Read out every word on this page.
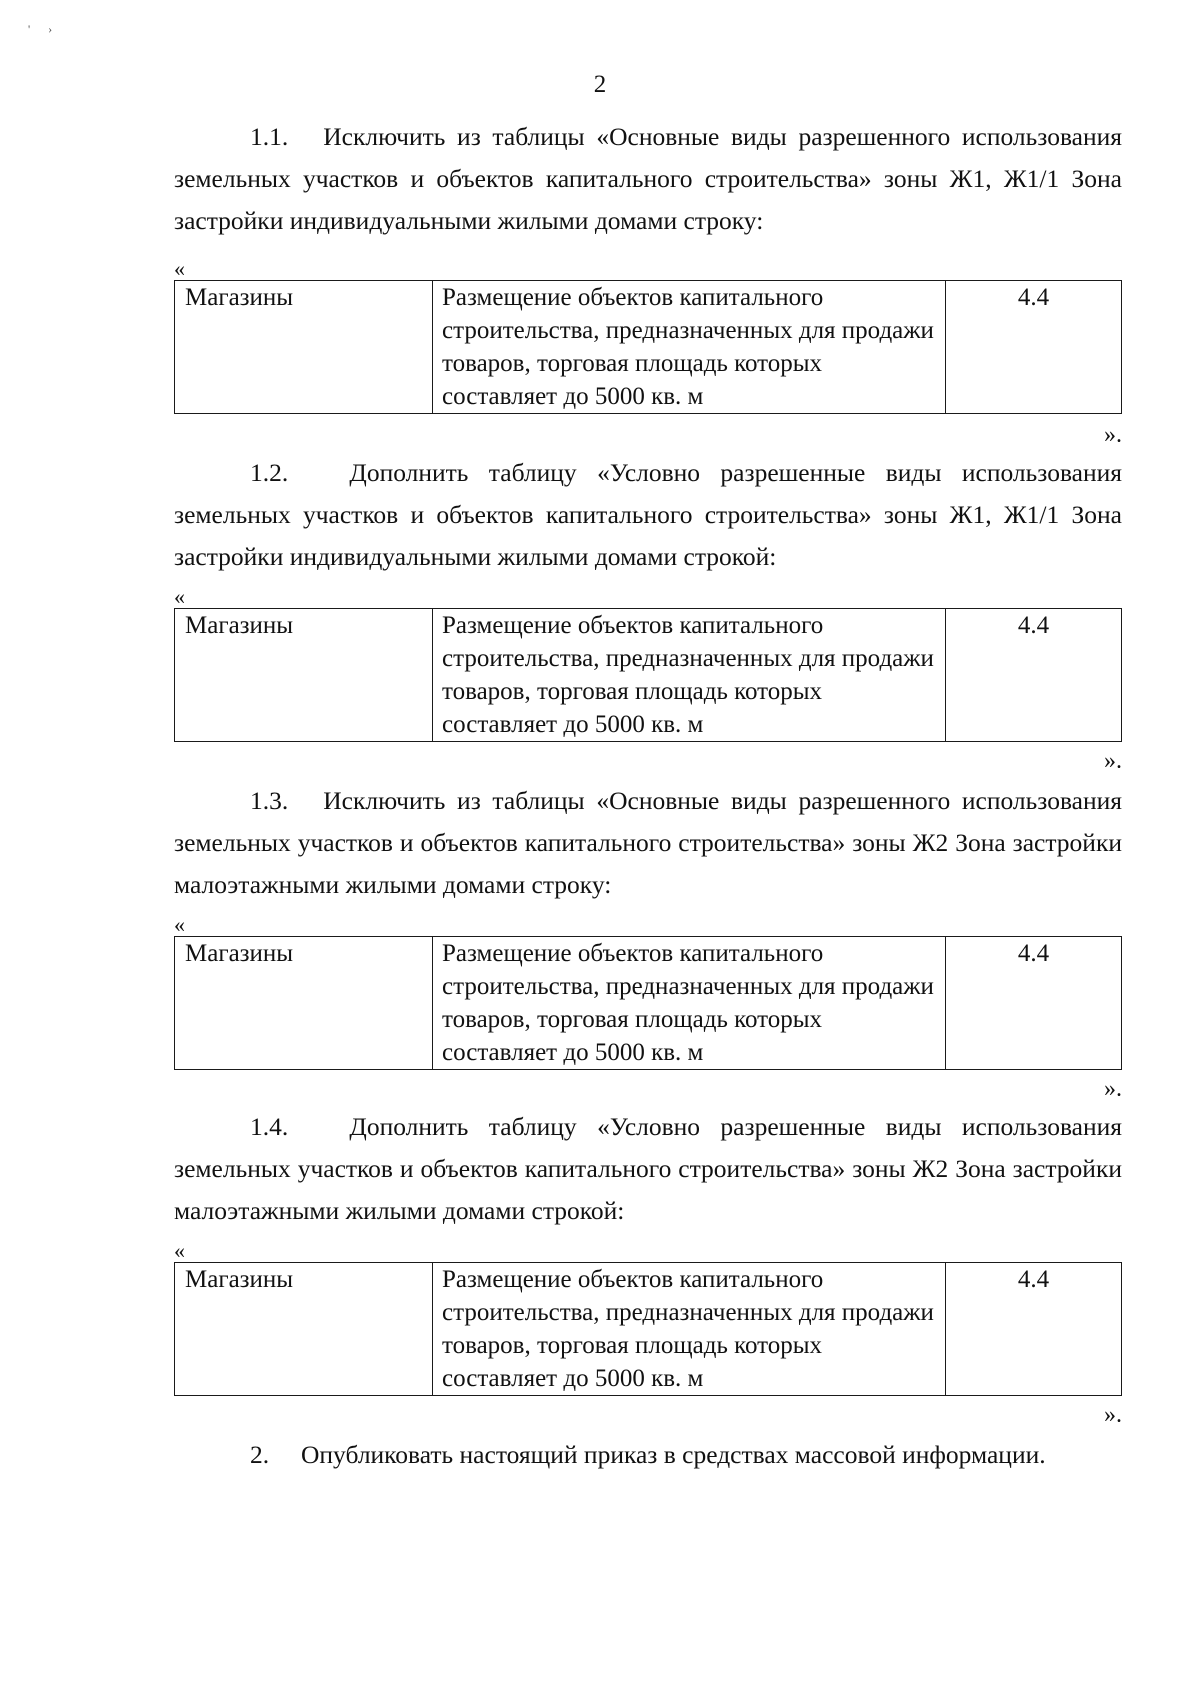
'      ›
2

1.1. Исключить из таблицы «Основные виды разрешенного использования земельных участков и объектов капитального строительства» зоны Ж1, Ж1/1 Зона застройки индивидуальными жилыми домами строку:

«
Магазины	Размещение объектов капитального строительства, предназначенных для продажи товаров, торговая площадь которых составляет до 5000 кв. м	4.4
».

1.2. Дополнить таблицу «Условно разрешенные виды использования земельных участков и объектов капитального строительства» зоны Ж1, Ж1/1 Зона застройки индивидуальными жилыми домами строкой:

«
Магазины	Размещение объектов капитального строительства, предназначенных для продажи товаров, торговая площадь которых составляет до 5000 кв. м	4.4
».

1.3. Исключить из таблицы «Основные виды разрешенного использования земельных участков и объектов капитального строительства» зоны Ж2 Зона застройки малоэтажными жилыми домами строку:

«
Магазины	Размещение объектов капитального строительства, предназначенных для продажи товаров, торговая площадь которых составляет до 5000 кв. м	4.4
».

1.4. Дополнить таблицу «Условно разрешенные виды использования земельных участков и объектов капитального строительства» зоны Ж2 Зона застройки малоэтажными жилыми домами строкой:

«
Магазины	Размещение объектов капитального строительства, предназначенных для продажи товаров, торговая площадь которых составляет до 5000 кв. м	4.4
».

2. Опубликовать настоящий приказ в средствах массовой информации.
